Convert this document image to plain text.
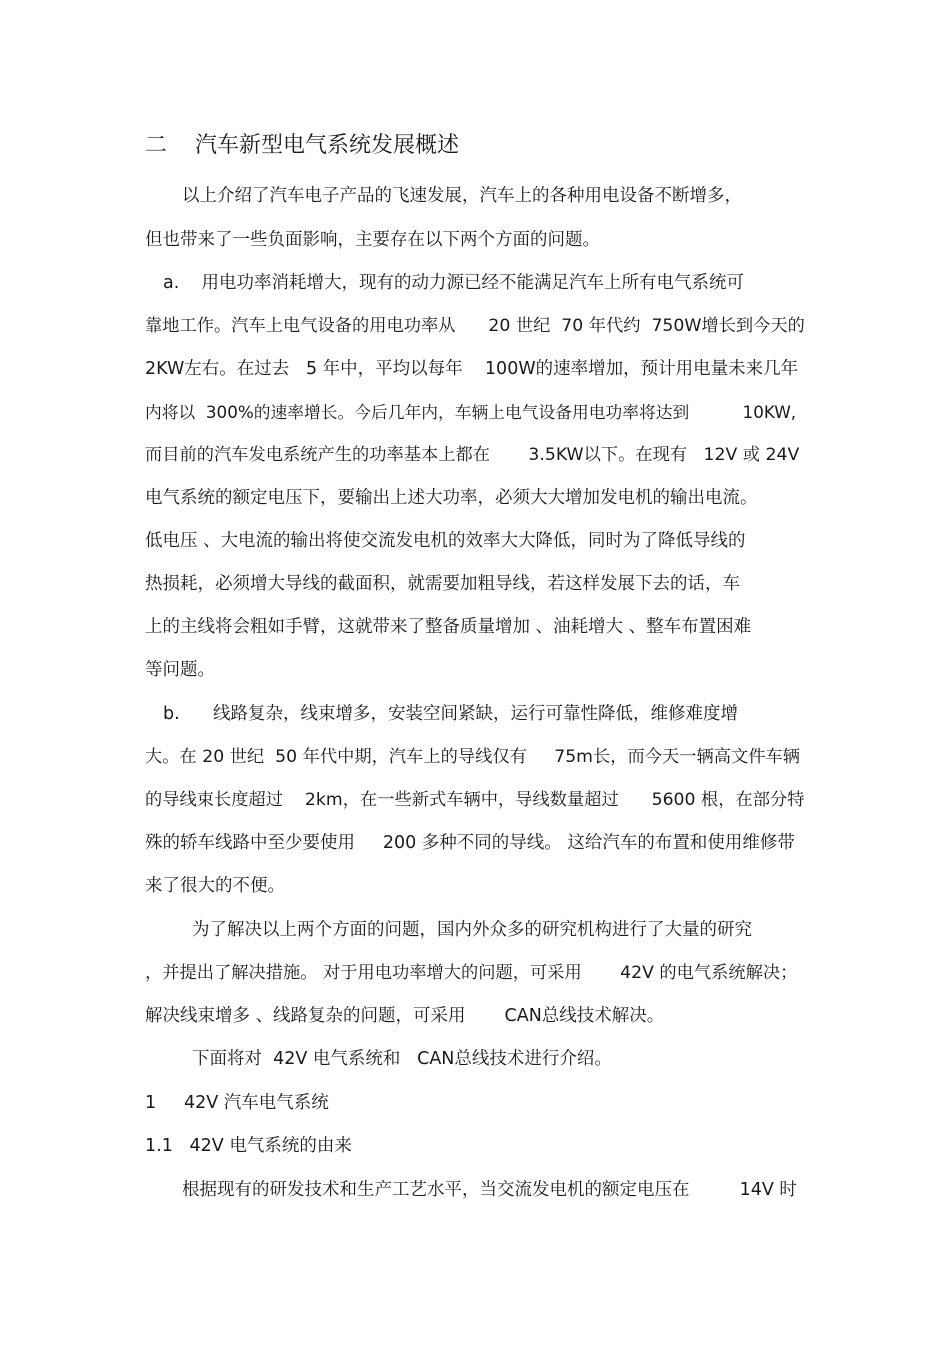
二 汽车新型电气系统发展概述
以上介绍了汽车电子产品的飞速发展，汽车上的各种用电设备不断增多，
但也带来了一些负面影响，主要存在以下两个方面的问题。
a.    用电功率消耗增大，现有的动力源已经不能满足汽车上所有电气系统可
靠地工作。汽车上电气设备的用电功率从      20 世纪  70 年代约  750W增长到今天的
2KW左右。在过去   5 年中，平均以每年    100W的速率增加，预计用电量未来几年
内将以  300%的速率增长。今后几年内，车辆上电气设备用电功率将达到          10KW,
而目前的汽车发电系统产生的功率基本上都在       3.5KW以下。在现有   12V 或 24V
电气系统的额定电压下，要输出上述大功率，必须大大增加发电机的输出电流。
低电压 、大电流的输出将使交流发电机的效率大大降低，同时为了降低导线的
热损耗，必须增大导线的截面积，就需要加粗导线，若这样发展下去的话，车
上的主线将会粗如手臂，这就带来了整备质量增加 、油耗增大 、整车布置困难
等问题。
b.      线路复杂，线束增多，安装空间紧缺，运行可靠性降低，维修难度增
大。在 20 世纪  50 年代中期，汽车上的导线仅有     75m长，而今天一辆高文件车辆
的导线束长度超过    2km，在一些新式车辆中，导线数量超过      5600 根，在部分特
殊的轿车线路中至少要使用     200 多种不同的导线。 这给汽车的布置和使用维修带
来了很大的不便。
为了解决以上两个方面的问题，国内外众多的研究机构进行了大量的研究
，并提出了解决措施。 对于用电功率增大的问题，可采用       42V 的电气系统解决；
解决线束增多 、线路复杂的问题，可采用       CAN总线技术解决。
下面将对  42V 电气系统和   CAN总线技术进行介绍。
1     42V 汽车电气系统
1.1   42V 电气系统的由来
根据现有的研发技术和生产工艺水平，当交流发电机的额定电压在         14V 时
